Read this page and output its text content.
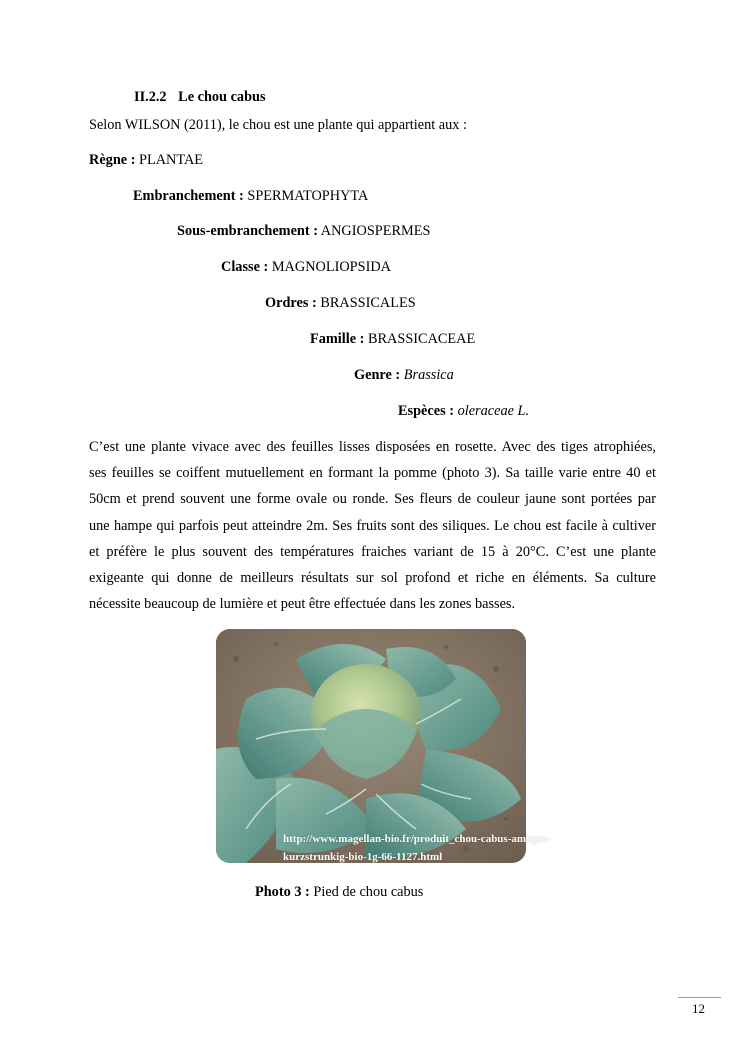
II.2.2 Le chou cabus
Selon WILSON (2011), le chou est une plante qui appartient aux :
Règne : PLANTAE
Embranchement : SPERMATOPHYTA
Sous-embranchement : ANGIOSPERMES
Classe : MAGNOLIOPSIDA
Ordres : BRASSICALES
Famille : BRASSICACEAE
Genre : Brassica
Espèces : oleraceae L.
C’est une plante vivace avec des feuilles lisses disposées en rosette. Avec des tiges atrophiées,
ses feuilles se coiffent mutuellement en formant la pomme (photo 3). Sa taille varie entre 40 et
50cm et prend souvent une forme ovale ou ronde. Ses fleurs de couleur jaune sont portées par
une hampe qui parfois peut atteindre 2m. Ses fruits sont des siliques. Le chou est facile à cultiver
et préfère le plus souvent des températures fraiches variant de 15 à 20°C. C’est une plante
exigeante qui donne de meilleurs résultats sur sol profond et riche en éléments. Sa culture
nécessite beaucoup de lumière et peut être effectuée dans les zones basses.
http://www.magellan-bio.fr/produit_chou-cabus-amager-kurzstrunkig-bio-1g-66-1127.html
Photo 3 : Pied de chou cabus
12
